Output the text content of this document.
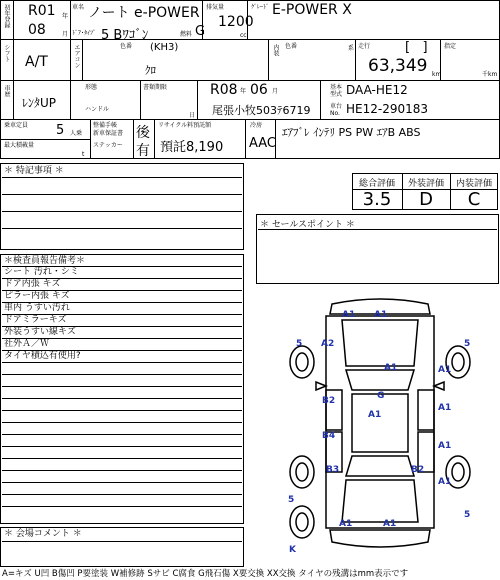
初年登録 R01 年
08	月
車名 ノート e-POWER
ﾄﾞｱ･ﾀｲﾌﾟ 5 Bﾜｺﾞﾝ	燃料 G
排気量
1200
cc
ｸﾞﾚｰﾄﾞ E-POWER X
シフト A/T	エアコン	色番 (KH3)
ｸﾛ
内装 色番	系 走行	[   ]
63,349 km
指定
千km
車歴
ﾚﾝﾀUP
形態
ハンドル
書類期限
日
R08 年 06 月
尾張小牧503ﾃ6719
基本型式 DAA-HE12
車台No. HE12-290183
乗車定員 5 人乗
最大積載量
t
整備手帳
新車保証書
ステッカー
後
有
リサイクル料預託額
預託8,190
冷房
AAC
ｴｱﾌﾞﾚ ｲﾝﾃﾘ PS PW ｴｱB ABS
＊ 特記事項 ＊
＊検査員報告備考＊
シート 汚れ・シミ
ドア内張 キズ
ピラー内張 キズ
車内 うすい汚れ
ドアミラーキズ
外装うすい線キズ
社外Ａ／Ｗ
タイヤ積込有使用?
＊ 会場コメント ＊
総合評価	外装評価	内装評価
3.5	D	C
＊ セールスポイント ＊
A1 A1
A2
5	5
A1	A1
G
B2
A1
A1
B4
A1
B3	B2
A1
5
A1	A1
5
K
A=キズ U凹 B傷凹 P要塗装 W補修跡 Sサビ C腐食 G飛石傷 X要交換 XX交換 タイヤの残溝はmm表示です
